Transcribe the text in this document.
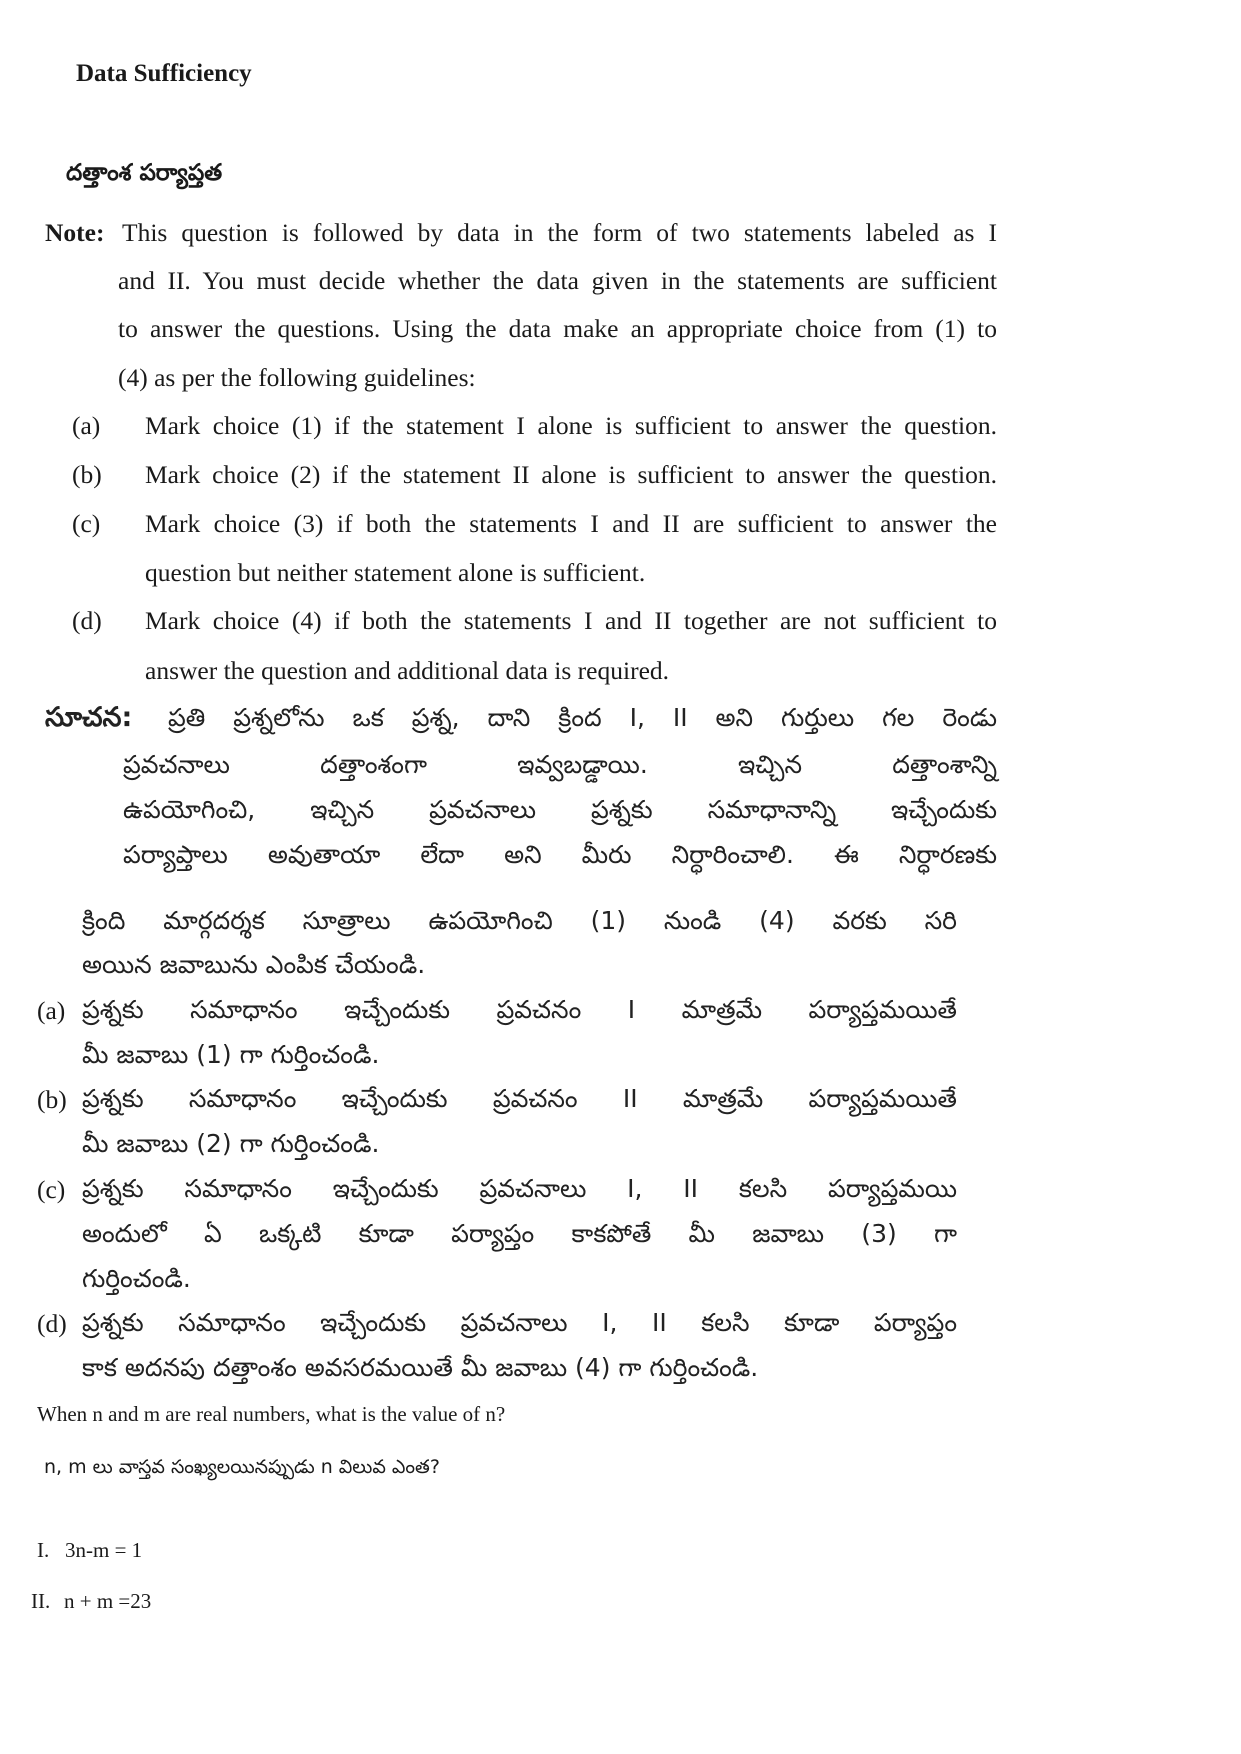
Data Sufficiency
దత్తాంశ పర్యాప్తత
Note: This question is followed by data in the form of two statements labeled as I
and II. You must decide whether the data given in the statements are sufficient
to answer the questions. Using the data make an appropriate choice from (1) to
(4) as per the following guidelines:
(a) Mark choice (1) if the statement I alone is sufficient to answer the question.
(b) Mark choice (2) if the statement II alone is sufficient to answer the question.
(c) Mark choice (3) if both the statements I and II are sufficient to answer the
question but neither statement alone is sufficient.
(d) Mark choice (4) if both the statements I and II together are not sufficient to
answer the question and additional data is required.
సూచన: ప్రతి ప్రశ్నలోను ఒక ప్రశ్న, దాని క్రింద I, II అని గుర్తులు గల రెండు
ప్రవచనాలు దత్తాంశంగా ఇవ్వబడ్డాయి. ఇచ్చిన దత్తాంశాన్ని
ఉపయోగించి, ఇచ్చిన ప్రవచనాలు ప్రశ్నకు సమాధానాన్ని ఇచ్చేందుకు
పర్యాప్తాలు అవుతాయా లేదా అని మీరు నిర్ధారించాలి. ఈ నిర్ధారణకు
క్రింది మార్గదర్శక సూత్రాలు ఉపయోగించి (1) నుండి (4) వరకు సరి
అయిన జవాబును ఎంపిక చేయండి.
(a) ప్రశ్నకు సమాధానం ఇచ్చేందుకు ప్రవచనం I మాత్రమే పర్యాప్తమయితే
మీ జవాబు (1) గా గుర్తించండి.
(b) ప్రశ్నకు సమాధానం ఇచ్చేందుకు ప్రవచనం II మాత్రమే పర్యాప్తమయితే
మీ జవాబు (2) గా గుర్తించండి.
(c) ప్రశ్నకు సమాధానం ఇచ్చేందుకు ప్రవచనాలు I, II కలసి పర్యాప్తమయి
అందులో ఏ ఒక్కటి కూడా పర్యాప్తం కాకపోతే మీ జవాబు (3) గా
గుర్తించండి.
(d) ప్రశ్నకు సమాధానం ఇచ్చేందుకు ప్రవచనాలు I, II కలసి కూడా పర్యాప్తం
కాక అదనపు దత్తాంశం అవసరమయితే మీ జవాబు (4) గా గుర్తించండి.
When n and m are real numbers, what is the value of n?
n, m లు వాస్తవ సంఖ్యలయినప్పుడు n విలువ ఎంత?
I. 3n-m = 1
II. n + m =23
